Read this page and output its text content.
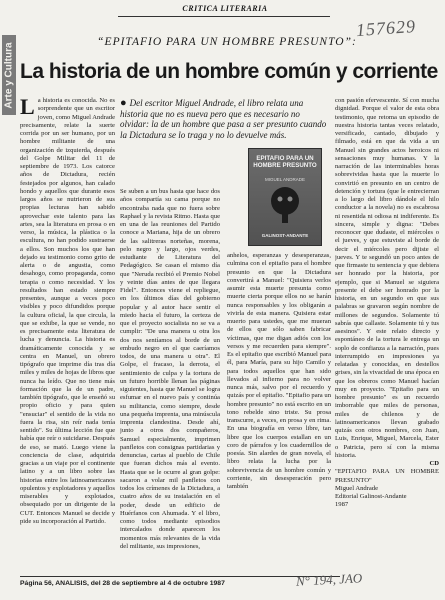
CRITICA LITERARIA
157629
Arte y Cultura	“EPITAFIO PARA UN HOMBRE PRESUNTO”:
La historia de un hombre común y corriente
La historia es conocida. No es sorprendente que un escritor joven, como Miguel Andrade precisamente, relate la suerte corrida por un ser humano, por un hombre militante de una organización de izquierda, después del Golpe Militar del 11 de septiembre de 1973. Los catorce años de Dictadura, recién festejados por algunos, han calado hondo y aquellos que durante esos largos años se nutrieron de sus propias lecturas han sabido aprovechar este talento para las artes, sea la literatura en prosa o en verso, la música, la plástica o la escultura, no han podido sustraerse a ellos. Son muchos los que han dejado su testimonio como grito de alerta o de angustia, como desahogo, como propaganda, como terapia o como necesidad. Y los resultados han estado siempre presentes, aunque a veces poco visibles y poco difundidos porque la cultura oficial, la que circula, la que se exhibe, la que se vende, no es precisamente esta literatura de lucha y denuncia. La historia es dramáticamente conocida y se centra en Manuel, un obrero tipógrafo que imprime día tras día miles y miles de hojas de libros que nunca ha leído. Que no tiene más formación que la de un padre, también tipógrafo, que le enseñó su propio oficio y para quien "ensuciar" el sentido de la vida no fuera la risa, sin reír nada tenía sentido". Su última lección fue que había que reír o suicidarse. Después de eso, se mató. Luego viene la conciencia de clase, adquirida gracias a un viaje por el continente latino y a un libro sobre las historias entre los latinoamericanos opulentos y explotadores y aquellos miserables y explotados, obsequiado por un dirigente de la CUT. Entonces Manuel se decide y pide su incorporación al Partido.
● Del escritor Miguel Andrade, el libro relata una historia que no es nueva pero que es necesario no olvidar: la de un hombre que pasa a ser presunto cuando la Dictadura se lo traga y no lo devuelve más.
EPITAFIO PARA UN HOMBRE PRESUNTO
MIGUEL ANDRADE
GALINOST-ANDANTE
Se suben a un bus hasta que hace dos años compartía su cama porque no encontraba nada que no fuera sobre Raphael y la revista Ritmo. Hasta que en una de las reuniones del Partido conoce a Mariana, hija de un obrero de las salitreras norteñas, morena, pelo negro y largo, ojos verdes, estudiante de Literatura del Pedagógico. Se casan el mismo día que "Neruda recibió el Premio Nobel y veinte días antes de que llegara Fidel". Entonces viene el repliegue, en los últimos días del gobierno popular y al autor hace sentir el miedo hacia el futuro, la certeza de que el proyecto socialista no se va a cumplir: "De una manera u otra los dos nos sentíamos al borde de un embudo negro en el que caeríamos todos, de una manera u otra". El Golpe, el fracaso, la derrota, el sentimiento de culpa y la tortura de un futuro horrible llenan las páginas siguientes, hasta que Manuel se logra esfumar en el nuevo país y continúa su militancia, como siempre, desde una pequeña imprenta, una minúscula imprenta clandestina. Desde ahí, junto a otros dos compañeros, Samuel especialmente, imprimen panfletos con consignas partidarias y denuncias, cartas al pueblo de Chile que fueran dichos más al evento. Hasta que se le ocurre al gran golpe: sacaron a volar mil panfletos con todos los crímenes de la Dictadura, a cuatro años de su instalación en el poder, desde un edificio de Huérfanos con Ahumada. Y el libro, como todos mediante episodios intercalados donde aparecen los momentos más relevantes de la vida del militante, sus impresiones,
anhelos, esperanzas y desesperanzas, culmina con el epitafio para el hombre presunto en que la Dictadura convertirá a Manuel: "Quisiera verlos asumir esta muerte presunta como muerte cierta porque ellos no se harán nunca responsables y los obligarán a vivirla de esta manera. Quisiera estar muerto para ustedes, que me mueran de ellos que sólo saben fabricar víctimas, que me digan adiós con los versos y me recuerden para siempre". Es el epitafio que escribió Manuel para él, para María, para su hijo Camilo y para todos aquellos que han sido llevados al infierno para no volver nunca más, salvo por el recuerdo y quizás por el epitafio. "Epitafio para un hombre presunto" no está escrito en un tono rebelde sino triste. Su prosa transcurre, a veces, en prosa y en rima. En una biografía en verso libre, tan libre que los cuerpos estallan en un coro de párrafos y los cuadernillos de poesía. Sin alardes de gran novela, el libro relata la lucha por la sobrevivencia de un hombre común y corriente, sin desesperación pero también
con pasión efervescente. Sí con mucha dignidad. Porque el valor de esta obra testimonio, que retoma un episodio de nuestra historia tantas veces relatado, versificado, cantado, dibujado y filmado, está en que da vida a un Manuel sin grandes actos heroicos ni sensaciones muy humanas. Y la narración de las interminables horas sobrevividas hasta que la muerte lo convirtió en presunto en un centro de detención y tortura (que le entrecierran a lo largo del libro dándole el hilo conductor a la novela) no es escabrosa ni resentida ni odiosa ni indiferente. Es sincera, simple y digna: "Debes reconocer que dudaste, el miércoles o el jueves, y que estuviste al borde de decir el miércoles pero dijiste el jueves. Y te segundó un poco antes de que firmaste tu sentencia y que debiera ser honrado por la historia, por ejemplo, que si Manuel se siguiera presente el debe ser honrado por la historia, en un segundo en que sus palabras se gravaron según nombre de millones de segundos. Solamente tú sabrás que callaste. Solamente tú y tus asesinos". Y este relato directo y espontáneo de la tortura le entrega un soplo de confianza a la narración, pues interrumpido en impresiones ya relatadas y conocidas, en destellos grises, sin la vivacidad de una época en que los obreros como Manuel hacían muy en proyecto. "Epitafio para un hombre presunto" es un recuerdo imborrable que miles de personas, miles de chilenos y de latinoamericanos llevan grabado quizás con otros nombres, con Juan, Luis, Enrique, Miguel, Marcela, Ester o Patricia, pero sí con la misma historia.
CD
"EPITAFIO PARA UN HOMBRE PRESUNTO"
Miguel Andrade
Editorial Galinost-Andante
1987
Página 56, ANALISIS, del 28 de septiembre al 4 de octubre 1987	N° 194, JAO
